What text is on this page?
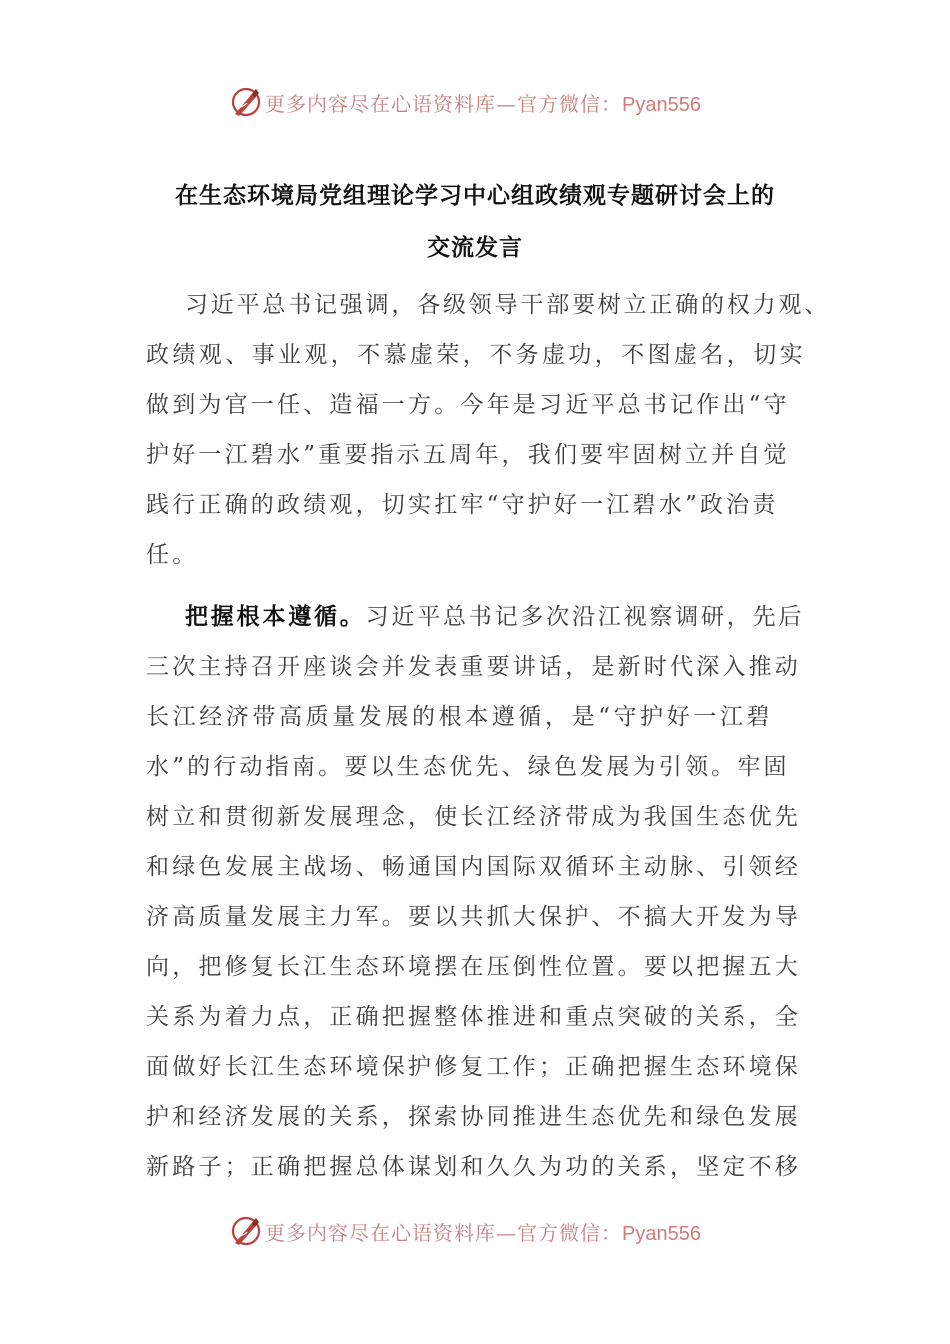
更多内容尽在心语资料库—官方微信：Pyan556
在生态环境局党组理论学习中心组政绩观专题研讨会上的
交流发言
习近平总书记强调，各级领导干部要树立正确的权力观、
政绩观、事业观，不慕虚荣，不务虚功，不图虚名，切实
做到为官一任、造福一方。今年是习近平总书记作出“守
护好一江碧水”重要指示五周年，我们要牢固树立并自觉
践行正确的政绩观，切实扛牢“守护好一江碧水”政治责
任。
把握根本遵循。习近平总书记多次沿江视察调研，先后
三次主持召开座谈会并发表重要讲话，是新时代深入推动
长江经济带高质量发展的根本遵循，是“守护好一江碧
水”的行动指南。要以生态优先、绿色发展为引领。牢固
树立和贯彻新发展理念，使长江经济带成为我国生态优先
和绿色发展主战场、畅通国内国际双循环主动脉、引领经
济高质量发展主力军。要以共抓大保护、不搞大开发为导
向，把修复长江生态环境摆在压倒性位置。要以把握五大
关系为着力点，正确把握整体推进和重点突破的关系，全
面做好长江生态环境保护修复工作；正确把握生态环境保
护和经济发展的关系，探索协同推进生态优先和绿色发展
新路子；正确把握总体谋划和久久为功的关系，坚定不移
更多内容尽在心语资料库—官方微信：Pyan556
